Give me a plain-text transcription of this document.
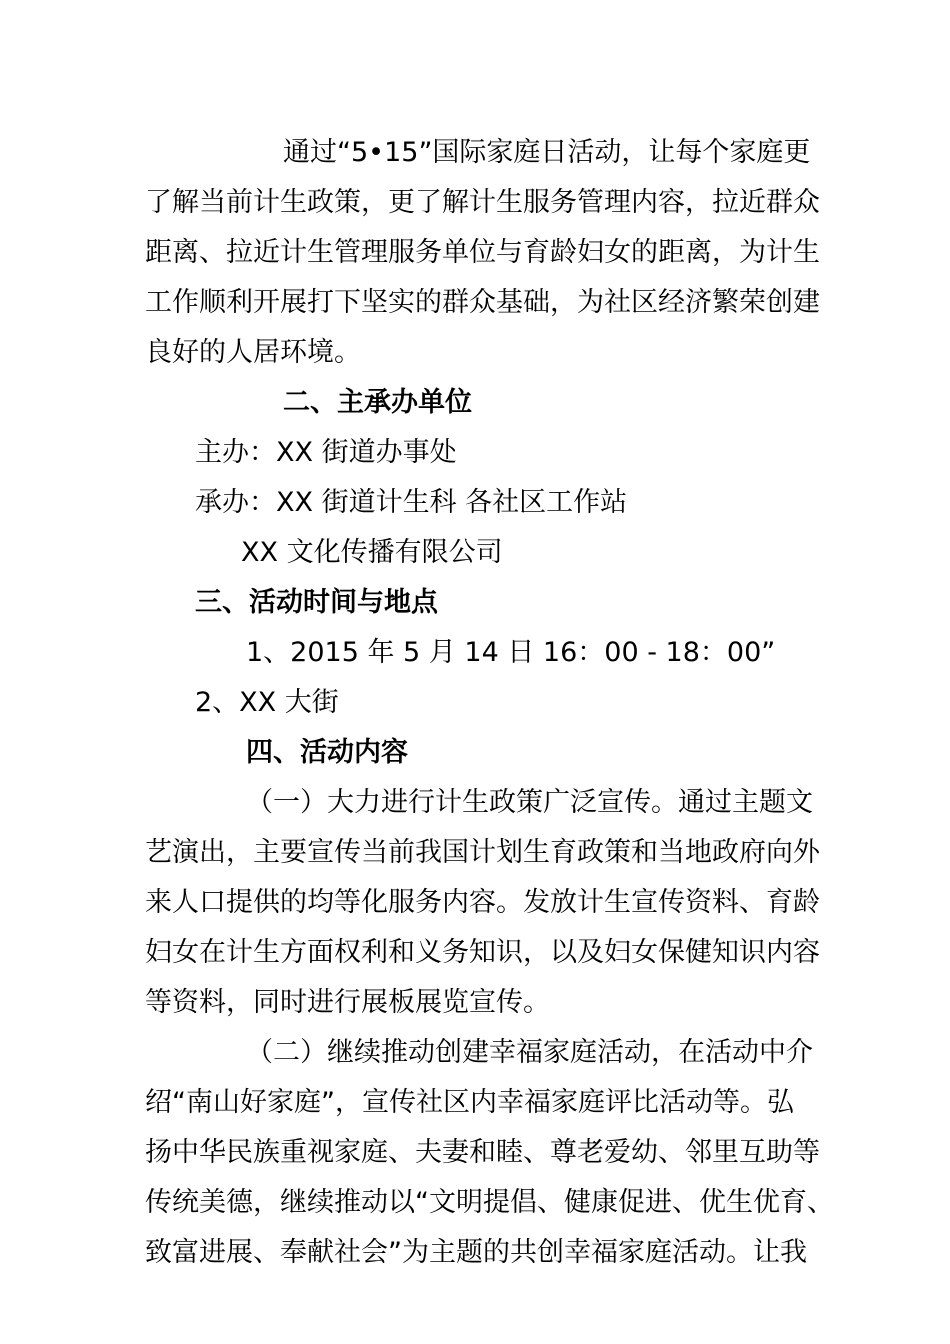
通过“5•15”国际家庭日活动，让每个家庭更
了解当前计生政策，更了解计生服务管理内容，拉近群众
距离、拉近计生管理服务单位与育龄妇女的距离，为计生
工作顺利开展打下坚实的群众基础，为社区经济繁荣创建
良好的人居环境。
二、主承办单位
主办：XX 街道办事处
承办：XX 街道计生科 各社区工作站
XX 文化传播有限公司
三、活动时间与地点
1、2015 年 5 月 14 日 16：00 - 18：00”
2、XX 大街
四、活动内容
（一）大力进行计生政策广泛宣传。通过主题文
艺演出，主要宣传当前我国计划生育政策和当地政府向外
来人口提供的均等化服务内容。发放计生宣传资料、育龄
妇女在计生方面权利和义务知识，以及妇女保健知识内容
等资料，同时进行展板展览宣传。
（二）继续推动创建幸福家庭活动，在活动中介
绍“南山好家庭”，宣传社区内幸福家庭评比活动等。弘
扬中华民族重视家庭、夫妻和睦、尊老爱幼、邻里互助等
传统美德，继续推动以“文明提倡、健康促进、优生优育、
致富进展、奉献社会”为主题的共创幸福家庭活动。让我
